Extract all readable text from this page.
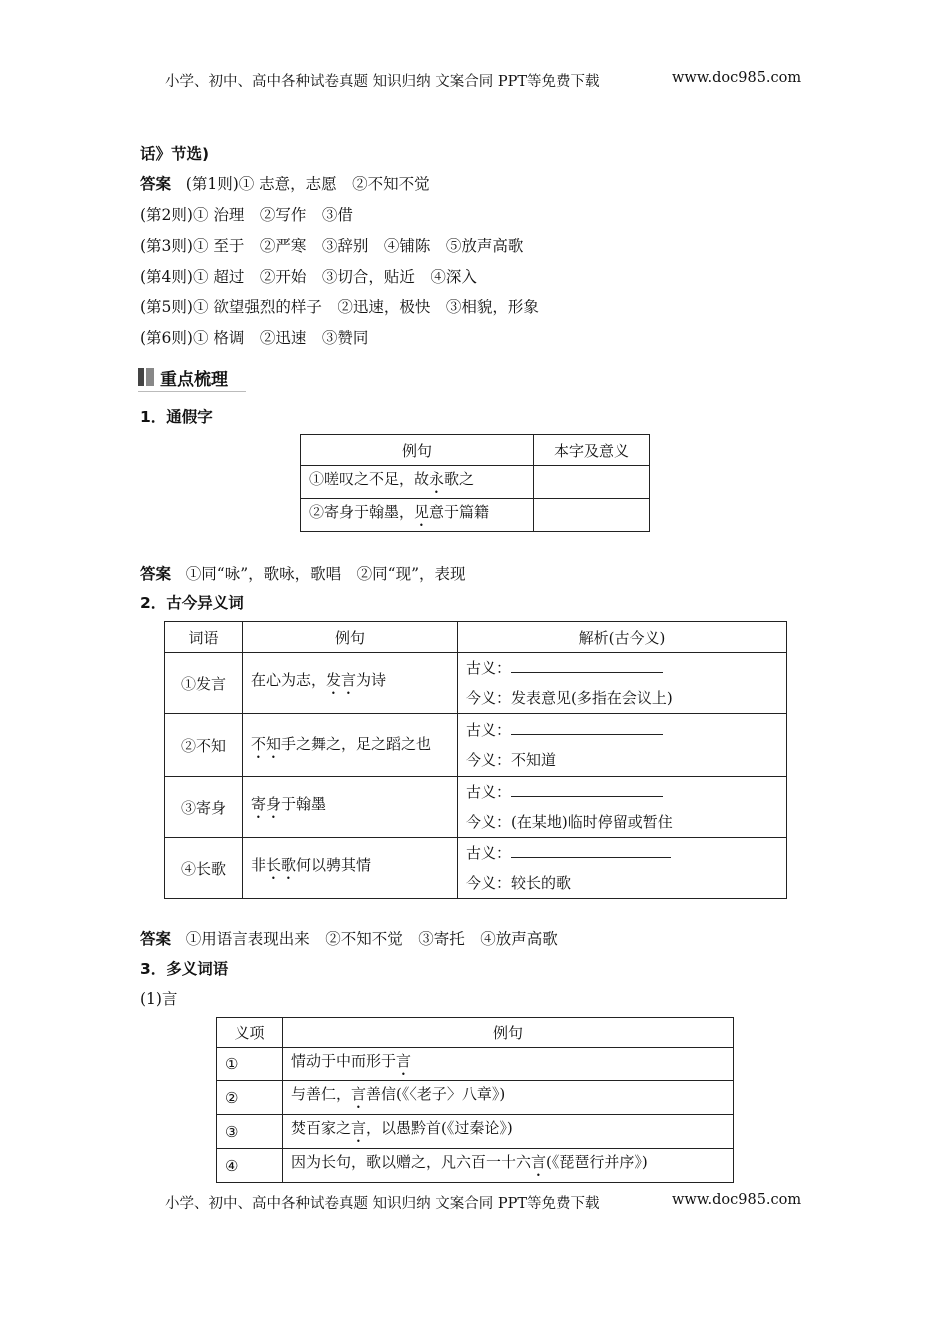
小学、初中、高中各种试卷真题 知识归纳 文案合同 PPT等免费下载	www.doc985.com
话》节选)
答案 (第1则)① 志意，志愿　②不知不觉
(第2则)① 治理　②写作　③借
(第3则)① 至于　②严寒　③辞别　④铺陈　⑤放声高歌
(第4则)① 超过　②开始　③切合，贴近　④深入
(第5则)① 欲望强烈的样子　②迅速，极快　③相貌，形象
(第6则)① 格调　②迅速　③赞同
重点梳理
1．通假字
例句	本字及意义
①嗟叹之不足，故永歌之	
②寄身于翰墨，见意于篇籍	
答案 ①同“咏”，歌咏，歌唱　②同“现”，表现
2．古今异义词
词语	例句	解析(古今义)
①发言	在心为志，发言为诗	古义：
今义：发表意见(多指在会议上)

②不知	不知手之舞之，足之蹈之也	古义：
今义：不知道

③寄身	寄身于翰墨	古义：
今义：(在某地)临时停留或暂住

④长歌	非长歌何以骋其情	古义：
今义：较长的歌
答案 ①用语言表现出来　②不知不觉　③寄托　④放声高歌
3．多义词语
(1)言
义项	例句
①	情动于中而形于言
②	与善仁，言善信(《〈老子〉八章》)
③	焚百家之言，以愚黔首(《过秦论》)
④	因为长句，歌以赠之，凡六百一十六言(《琵琶行并序》)
小学、初中、高中各种试卷真题 知识归纳 文案合同 PPT等免费下载	www.doc985.com
